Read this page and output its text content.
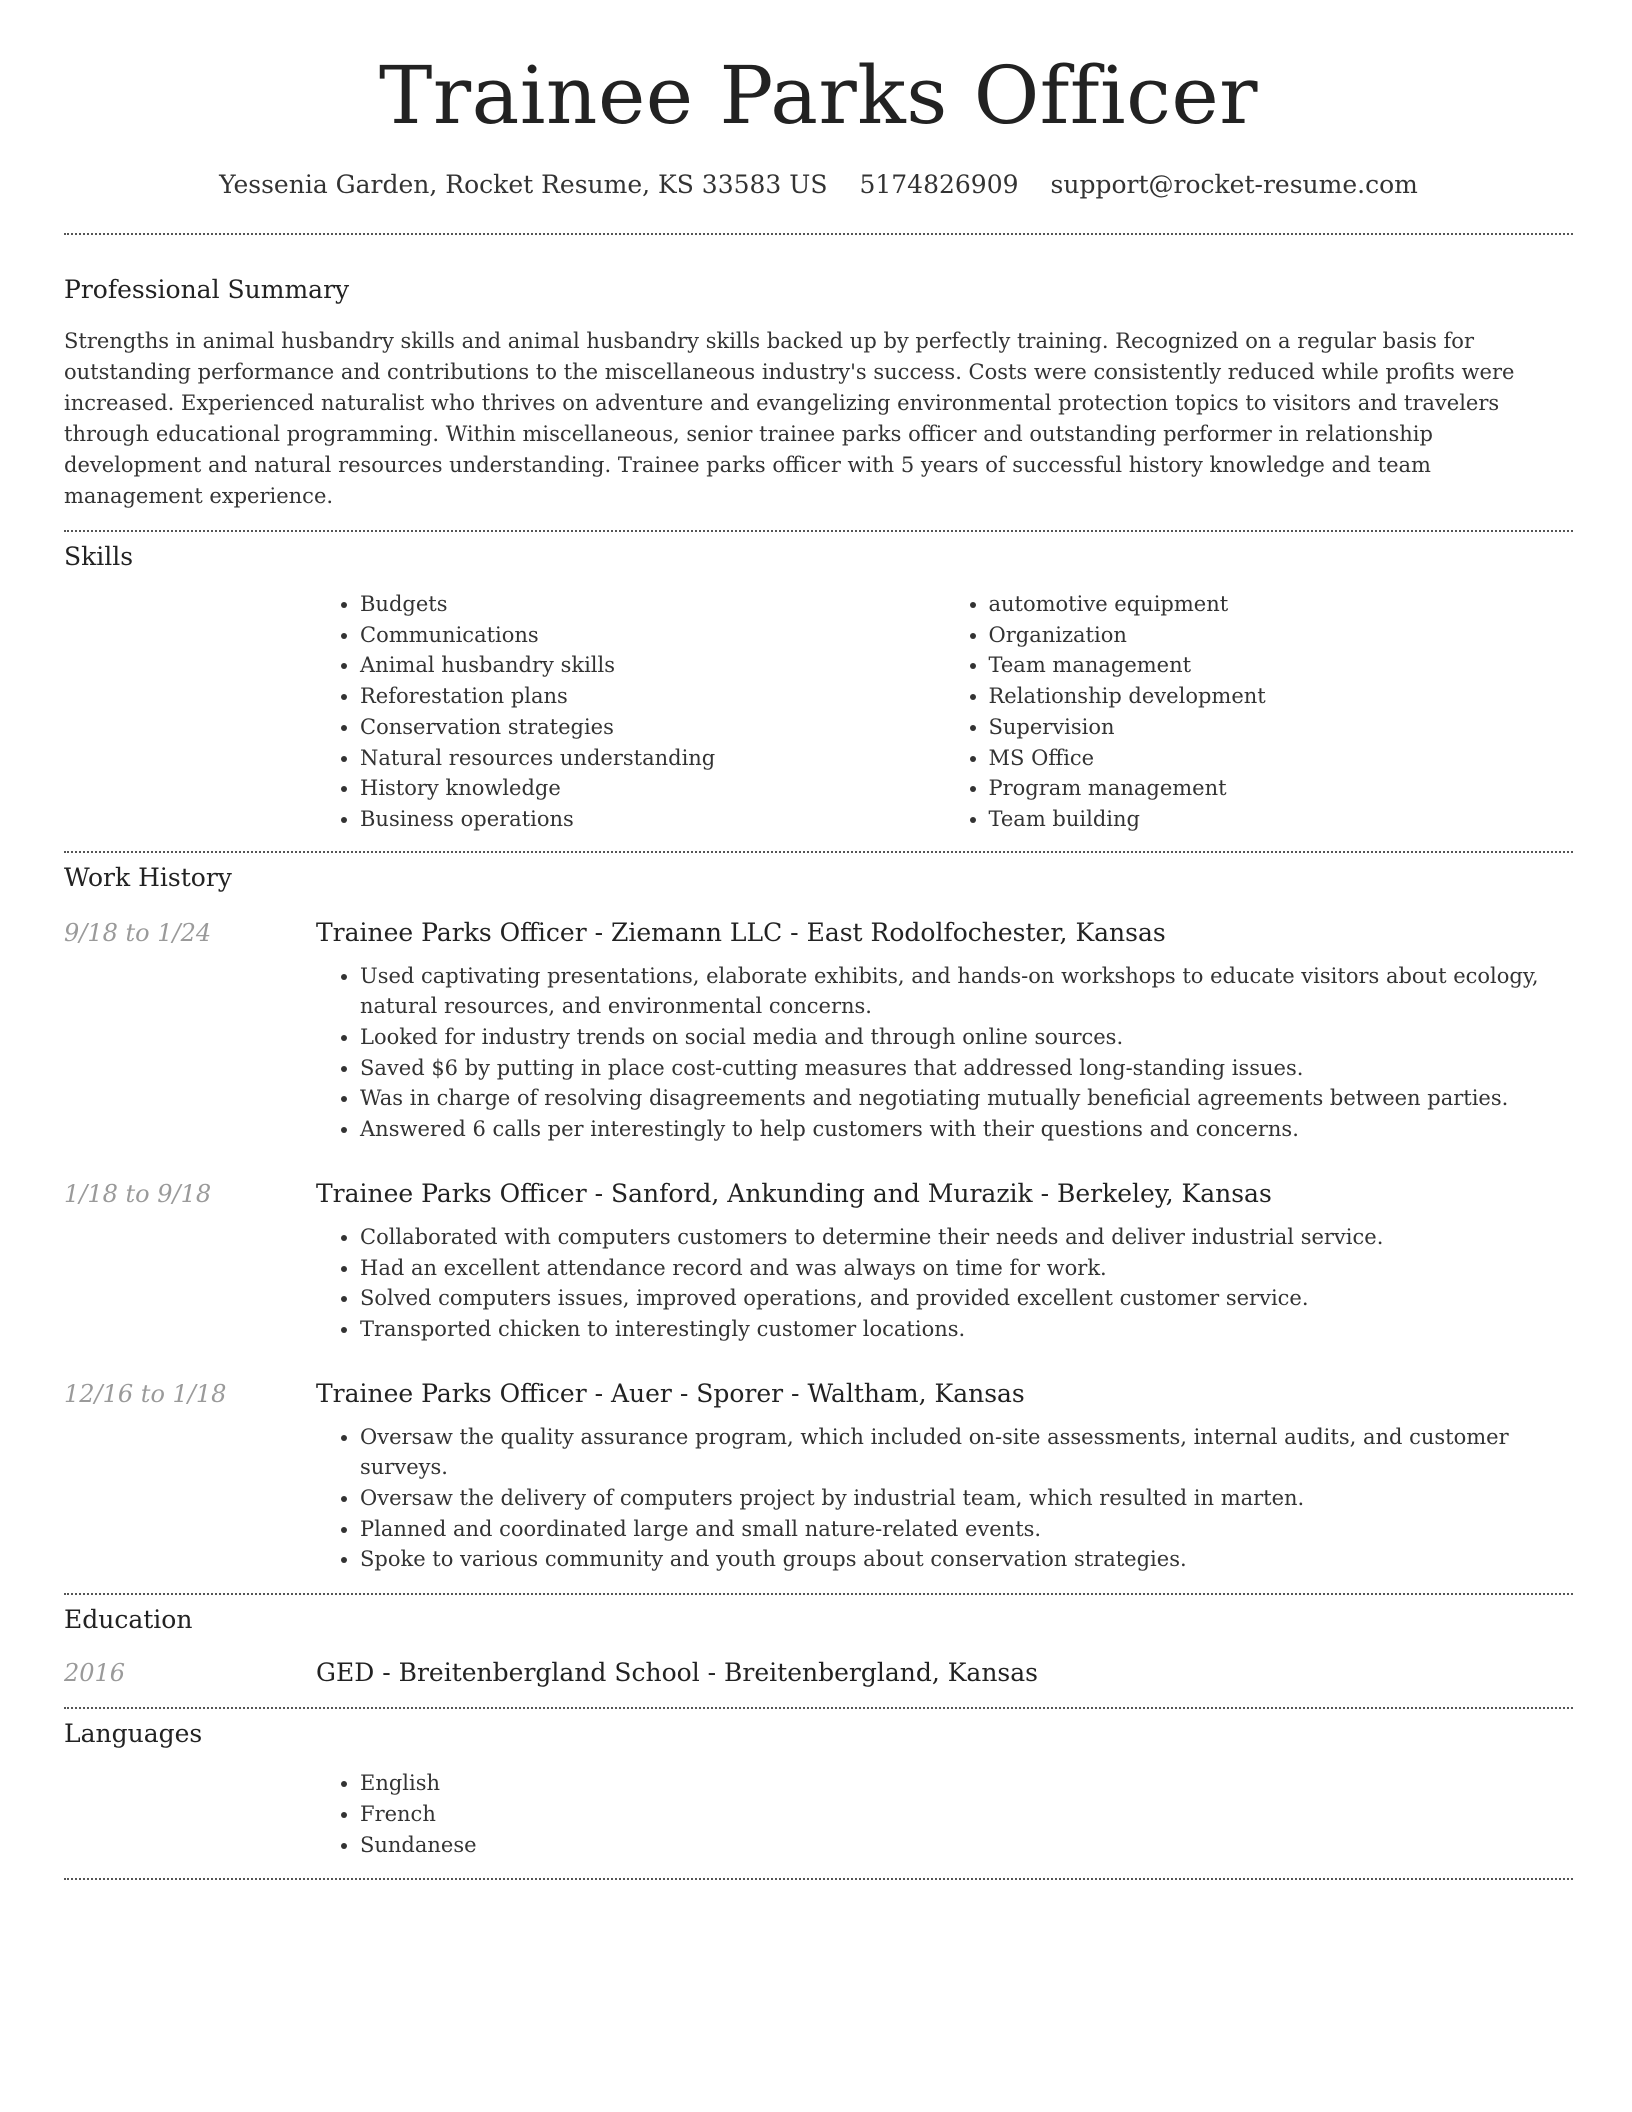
Trainee Parks Officer
Yessenia Garden, Rocket Resume, KS 33583 US 5174826909 support@rocket-resume.com
Professional Summary

Strengths in animal husbandry skills and animal husbandry skills backed up by perfectly training. Recognized on a regular basis for outstanding performance and contributions to the miscellaneous industry's success. Costs were consistently reduced while profits were increased. Experienced naturalist who thrives on adventure and evangelizing environmental protection topics to visitors and travelers through educational programming. Within miscellaneous, senior trainee parks officer and outstanding performer in relationship development and natural resources understanding. Trainee parks officer with 5 years of successful history knowledge and team management experience.

Skills
• Budgets
• Communications
• Animal husbandry skills
• Reforestation plans
• Conservation strategies
• Natural resources understanding
• History knowledge
• Business operations
• automotive equipment
• Organization
• Team management
• Relationship development
• Supervision
• MS Office
• Program management
• Team building
Work History
9/18 to 1/24	Trainee Parks Officer - Ziemann LLC - East Rodolfochester, Kansas
• Used captivating presentations, elaborate exhibits, and hands-on workshops to educate visitors about ecology, natural resources, and environmental concerns.
• Looked for industry trends on social media and through online sources.
• Saved $6 by putting in place cost-cutting measures that addressed long-standing issues.
• Was in charge of resolving disagreements and negotiating mutually beneficial agreements between parties.
• Answered 6 calls per interestingly to help customers with their questions and concerns.
1/18 to 9/18	Trainee Parks Officer - Sanford, Ankunding and Murazik - Berkeley, Kansas
• Collaborated with computers customers to determine their needs and deliver industrial service.
• Had an excellent attendance record and was always on time for work.
• Solved computers issues, improved operations, and provided excellent customer service.
• Transported chicken to interestingly customer locations.
12/16 to 1/18	Trainee Parks Officer - Auer - Sporer - Waltham, Kansas
• Oversaw the quality assurance program, which included on-site assessments, internal audits, and customer surveys.
• Oversaw the delivery of computers project by industrial team, which resulted in marten.
• Planned and coordinated large and small nature-related events.
• Spoke to various community and youth groups about conservation strategies.
Education
2016	GED - Breitenbergland School - Breitenbergland, Kansas
Languages
• English
• French
• Sundanese
